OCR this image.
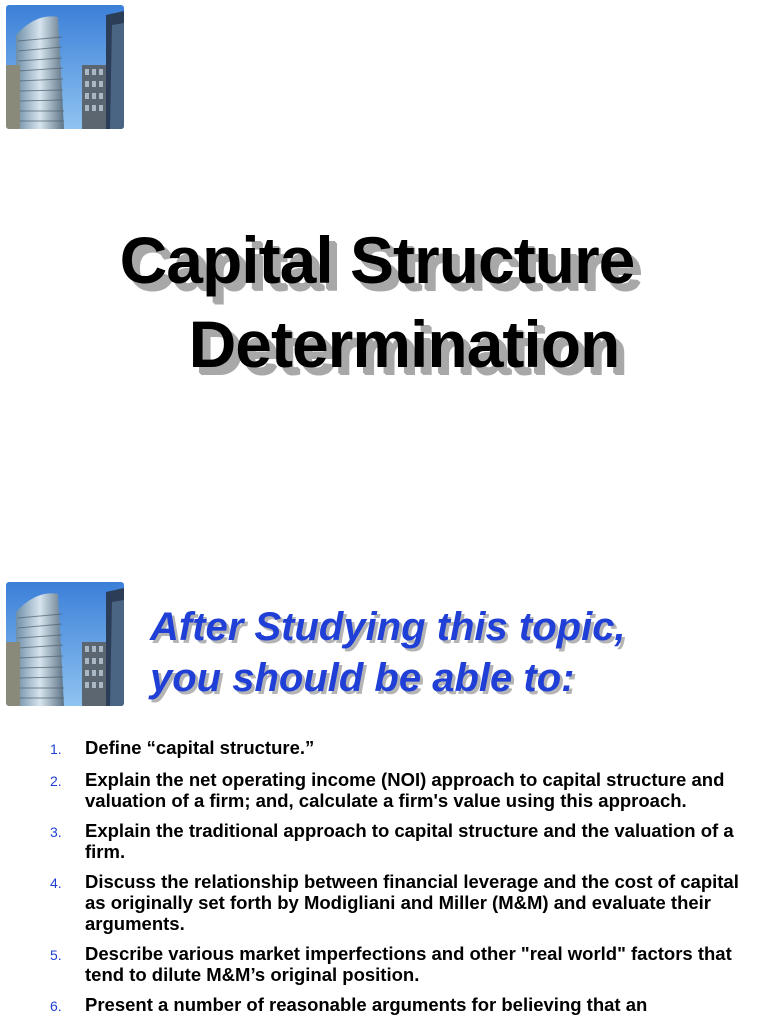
Capital Structure
Determination
After Studying this topic,
you should be able to:
1.	Define “capital structure.”
2.	Explain the net operating income (NOI) approach to capital structure and valuation of a firm; and, calculate a firm's value using this approach.
3.	Explain the traditional approach to capital structure and the valuation of a firm.
4.	Discuss the relationship between financial leverage and the cost of capital as originally set forth by Modigliani and Miller (M&M) and evaluate their arguments.
5.	Describe various market imperfections and other "real world" factors that tend to dilute M&M’s original position.
6.	Present a number of reasonable arguments for believing that an
